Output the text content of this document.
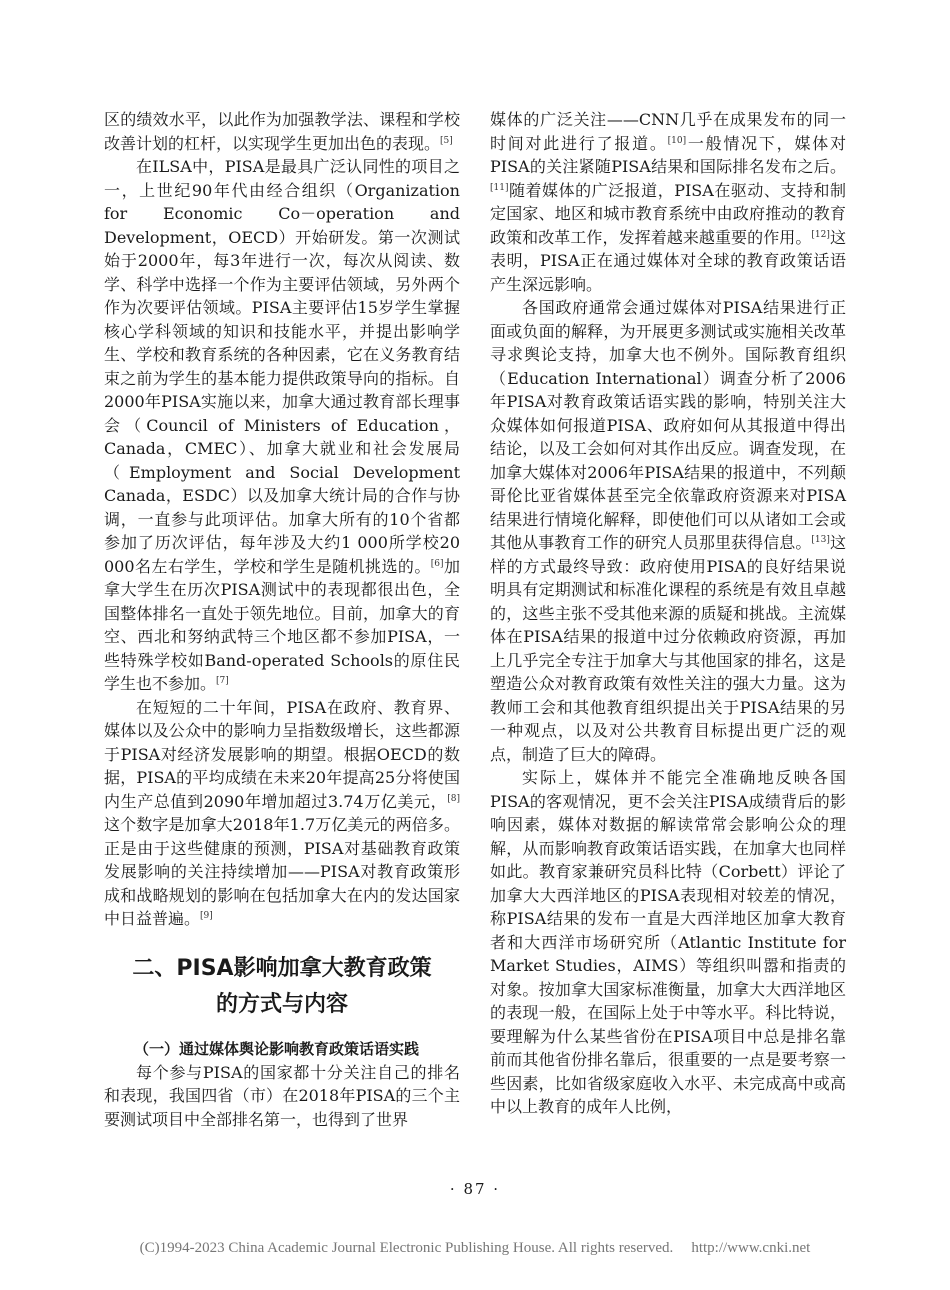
区的绩效水平，以此作为加强教学法、课程和学校改善计划的杠杆，以实现学生更加出色的表现。[5]

在ILSA中，PISA是最具广泛认同性的项目之一，上世纪90年代由经合组织（Organization for Economic Co－operation and Development，OECD）开始研发。第一次测试始于2000年，每3年进行一次，每次从阅读、数学、科学中选择一个作为主要评估领域，另外两个作为次要评估领域。PISA主要评估15岁学生掌握核心学科领域的知识和技能水平，并提出影响学生、学校和教育系统的各种因素，它在义务教育结束之前为学生的基本能力提供政策导向的指标。自2000年PISA实施以来，加拿大通过教育部长理事会（Council of Ministers of Education，Canada，CMEC）、加拿大就业和社会发展局（Employment and Social Development Canada，ESDC）以及加拿大统计局的合作与协调，一直参与此项评估。加拿大所有的10个省都参加了历次评估，每年涉及大约1 000所学校20 000名左右学生，学校和学生是随机挑选的。[6]加拿大学生在历次PISA测试中的表现都很出色，全国整体排名一直处于领先地位。目前，加拿大的育空、西北和努纳武特三个地区都不参加PISA，一些特殊学校如Band-operated Schools的原住民学生也不参加。[7]

在短短的二十年间，PISA在政府、教育界、媒体以及公众中的影响力呈指数级增长，这些都源于PISA对经济发展影响的期望。根据OECD的数据，PISA的平均成绩在未来20年提高25分将使国内生产总值到2090年增加超过3.74万亿美元，[8]这个数字是加拿大2018年1.7万亿美元的两倍多。正是由于这些健康的预测，PISA对基础教育政策发展影响的关注持续增加——PISA对教育政策形成和战略规划的影响在包括加拿大在内的发达国家中日益普遍。[9]

二、PISA影响加拿大教育政策
的方式与内容
（一）通过媒体舆论影响教育政策话语实践

每个参与PISA的国家都十分关注自己的排名和表现，我国四省（市）在2018年PISA的三个主要测试项目中全部排名第一，也得到了世界

媒体的广泛关注——CNN几乎在成果发布的同一时间对此进行了报道。[10]一般情况下，媒体对PISA的关注紧随PISA结果和国际排名发布之后。[11]随着媒体的广泛报道，PISA在驱动、支持和制定国家、地区和城市教育系统中由政府推动的教育政策和改革工作，发挥着越来越重要的作用。[12]这表明，PISA正在通过媒体对全球的教育政策话语产生深远影响。

各国政府通常会通过媒体对PISA结果进行正面或负面的解释，为开展更多测试或实施相关改革寻求舆论支持，加拿大也不例外。国际教育组织（Education International）调查分析了2006年PISA对教育政策话语实践的影响，特别关注大众媒体如何报道PISA、政府如何从其报道中得出结论，以及工会如何对其作出反应。调查发现，在加拿大媒体对2006年PISA结果的报道中，不列颠哥伦比亚省媒体甚至完全依靠政府资源来对PISA结果进行情境化解释，即使他们可以从诸如工会或其他从事教育工作的研究人员那里获得信息。[13]这样的方式最终导致：政府使用PISA的良好结果说明具有定期测试和标准化课程的系统是有效且卓越的，这些主张不受其他来源的质疑和挑战。主流媒体在PISA结果的报道中过分依赖政府资源，再加上几乎完全专注于加拿大与其他国家的排名，这是塑造公众对教育政策有效性关注的强大力量。这为教师工会和其他教育组织提出关于PISA结果的另一种观点，以及对公共教育目标提出更广泛的观点，制造了巨大的障碍。

实际上，媒体并不能完全准确地反映各国PISA的客观情况，更不会关注PISA成绩背后的影响因素，媒体对数据的解读常常会影响公众的理解，从而影响教育政策话语实践，在加拿大也同样如此。教育家兼研究员科比特（Corbett）评论了加拿大大西洋地区的PISA表现相对较差的情况，称PISA结果的发布一直是大西洋地区加拿大教育者和大西洋市场研究所（Atlantic Institute for Market Studies，AIMS）等组织叫嚣和指责的对象。按加拿大国家标准衡量，加拿大大西洋地区的表现一般，在国际上处于中等水平。科比特说，要理解为什么某些省份在PISA项目中总是排名靠前而其他省份排名靠后，很重要的一点是要考察一些因素，比如省级家庭收入水平、未完成高中或高中以上教育的成年人比例，

· 87 ·
(C)1994-2023 China Academic Journal Electronic Publishing House. All rights reserved. http://www.cnki.net
